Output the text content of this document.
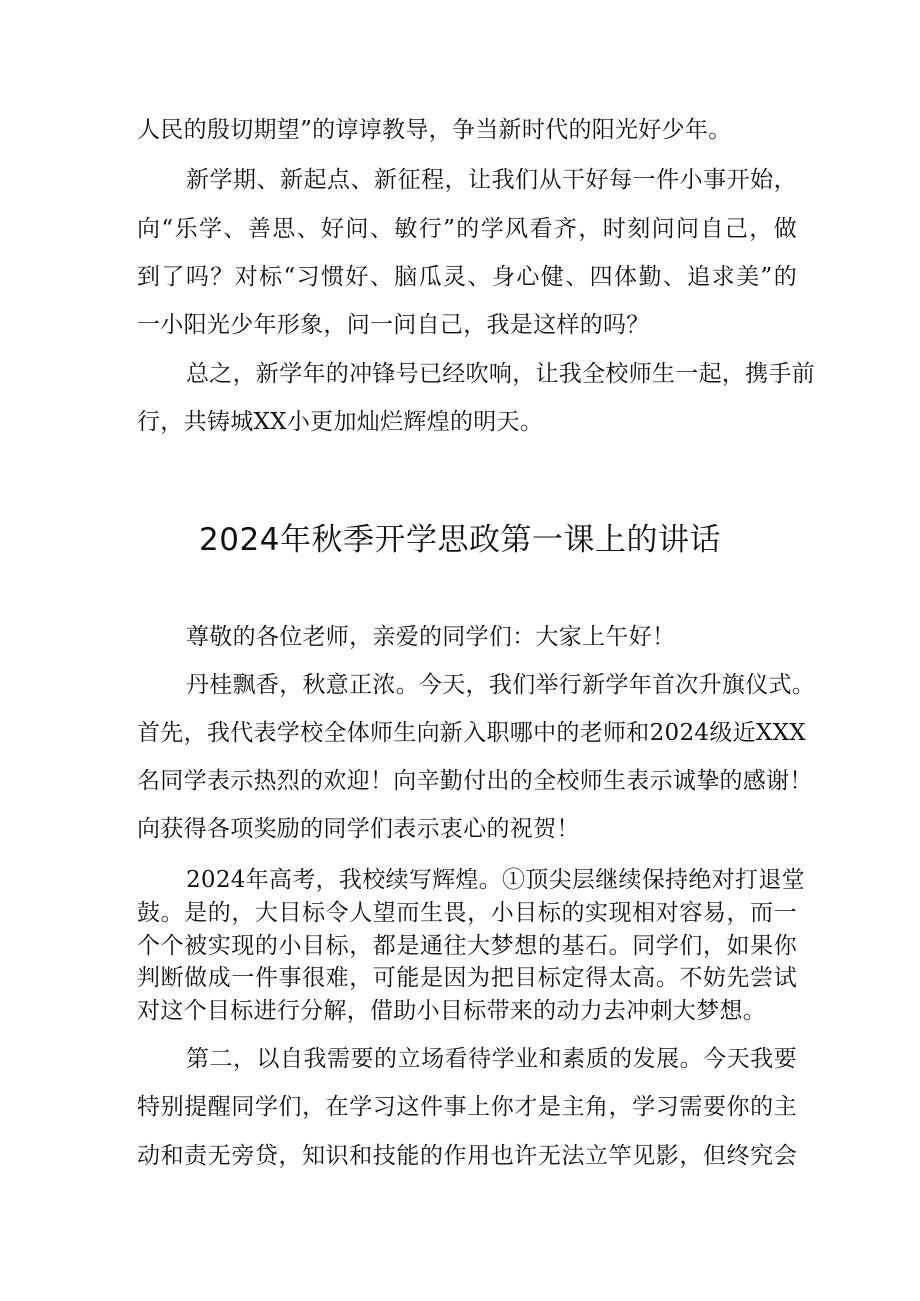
人民的殷切期望”的谆谆教导，争当新时代的阳光好少年。
新学期、新起点、新征程，让我们从干好每一件小事开始，
向“乐学、善思、好问、敏行”的学风看齐，时刻问问自己，做
到了吗？对标“习惯好、脑瓜灵、身心健、四体勤、追求美”的
一小阳光少年形象，问一问自己，我是这样的吗？
总之，新学年的冲锋号已经吹响，让我全校师生一起，携手前
行，共铸城XX小更加灿烂辉煌的明天。
2024年秋季开学思政第一课上的讲话
尊敬的各位老师，亲爱的同学们：大家上午好！
丹桂飘香，秋意正浓。今天，我们举行新学年首次升旗仪式。
首先，我代表学校全体师生向新入职哪中的老师和2024级近XXX
名同学表示热烈的欢迎！向辛勤付出的全校师生表示诚挚的感谢！
向获得各项奖励的同学们表示衷心的祝贺！
2024年高考，我校续写辉煌。①顶尖层继续保持绝对打退堂
鼓。是的，大目标令人望而生畏，小目标的实现相对容易，而一
个个被实现的小目标，都是通往大梦想的基石。同学们，如果你
判断做成一件事很难，可能是因为把目标定得太高。不妨先尝试
对这个目标进行分解，借助小目标带来的动力去冲刺大梦想。
第二，以自我需要的立场看待学业和素质的发展。今天我要
特别提醒同学们，在学习这件事上你才是主角，学习需要你的主
动和责无旁贷，知识和技能的作用也许无法立竿见影，但终究会
